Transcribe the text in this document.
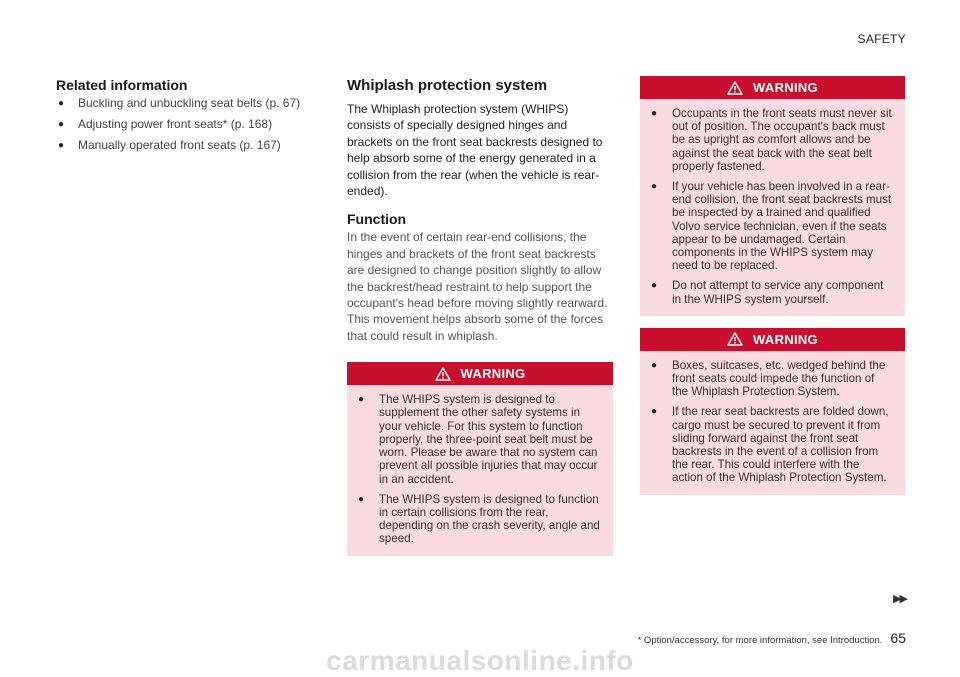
SAFETY
Related information
● Buckling and unbuckling seat belts (p. 67)
● Adjusting power front seats* (p. 168)
● Manually operated front seats (p. 167)
Whiplash protection system

The Whiplash protection system (WHIPS) consists of specially designed hinges and brackets on the front seat backrests designed to help absorb some of the energy generated in a collision from the rear (when the vehicle is rear-ended).

Function

In the event of certain rear-end collisions, the hinges and brackets of the front seat backrests are designed to change position slightly to allow the backrest/head restraint to help support the occupant's head before moving slightly rearward. This movement helps absorb some of the forces that could result in whiplash.

WARNING
● The WHIPS system is designed to supplement the other safety systems in your vehicle. For this system to function properly, the three-point seat belt must be worn. Please be aware that no system can prevent all possible injuries that may occur in an accident.
● The WHIPS system is designed to function in certain collisions from the rear, depending on the crash severity, angle and speed.
WARNING
● Occupants in the front seats must never sit out of position. The occupant's back must be as upright as comfort allows and be against the seat back with the seat belt properly fastened.
● If your vehicle has been involved in a rear-end collision, the front seat backrests must be inspected by a trained and qualified Volvo service technician, even if the seats appear to be undamaged. Certain components in the WHIPS system may need to be replaced.
● Do not attempt to service any component in the WHIPS system yourself.
WARNING
● Boxes, suitcases, etc. wedged behind the front seats could impede the function of the Whiplash Protection System.
● If the rear seat backrests are folded down, cargo must be secured to prevent it from sliding forward against the front seat backrests in the event of a collision from the rear. This could interfere with the action of the Whiplash Protection System.
▶▶
* Option/accessory, for more information, see Introduction. 65
carmanualsonline.info
